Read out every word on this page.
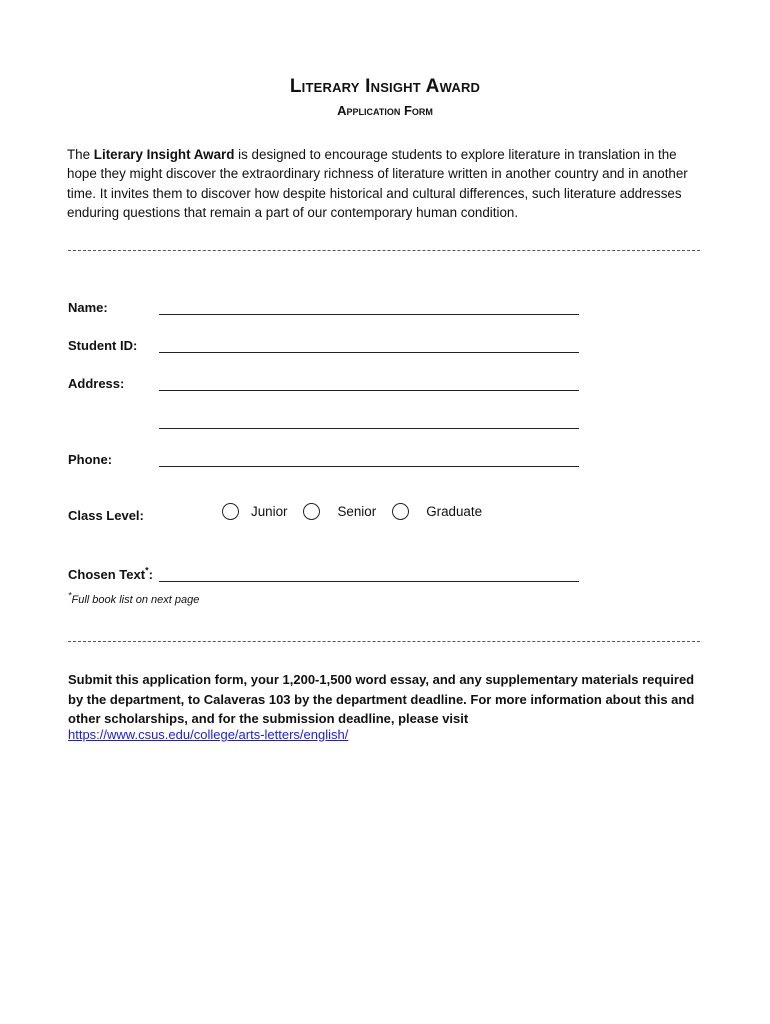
Literary Insight Award
Application Form
The Literary Insight Award is designed to encourage students to explore literature in translation in the hope they might discover the extraordinary richness of literature written in another country and in another time. It invites them to discover how despite historical and cultural differences, such literature addresses enduring questions that remain a part of our contemporary human condition.
Name:
Student ID:
Address:
Phone:
Class Level:	Junior	Senior	Graduate
Chosen Text*:
*Full book list on next page
Submit this application form, your 1,200-1,500 word essay, and any supplementary materials required by the department, to Calaveras 103 by the department deadline. For more information about this and other scholarships, and for the submission deadline, please visit
https://www.csus.edu/college/arts-letters/english/
